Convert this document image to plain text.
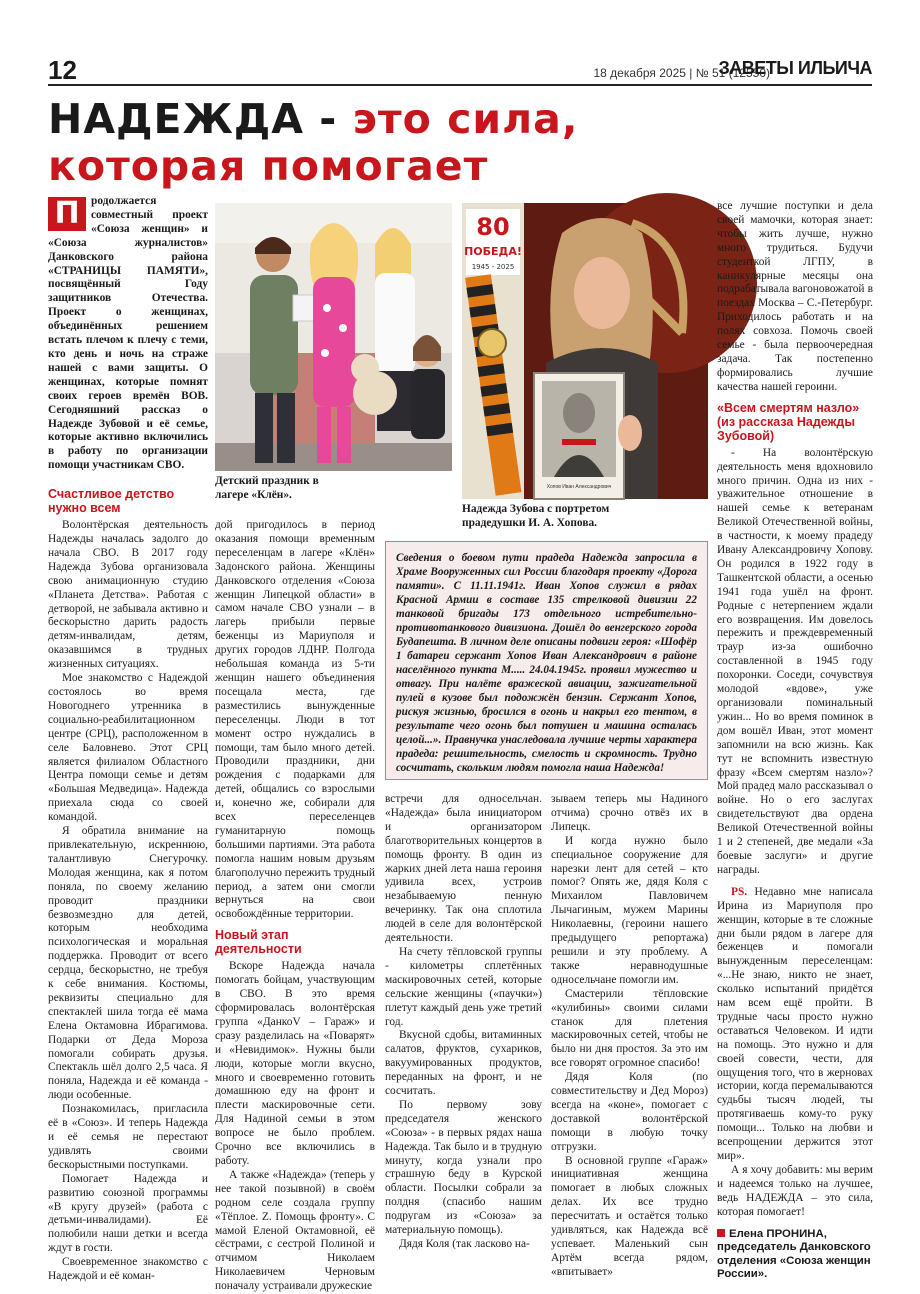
12	18 декабря 2025 | № 51 (12550)
ЗАВЕТЫ ИЛЬИЧА
НАДЕЖДА - это сила,
которая помогает
П	родолжается совместный проект «Союза женщин» и «Союза журналистов» Данковского района «СТРАНИЦЫ ПАМЯТИ», посвящённый Году защитников Отечества. Проект о женщинах, объединённых решением встать плечом к плечу с теми, кто день и ночь на страже нашей с вами защиты. О женщинах, которые помнят своих героев времён ВОВ. Сегодняшний рассказ о Надежде Зубовой и её семье, которые активно включились в работу по организации помощи участникам СВО.
Счастливое детство нужно всем

Волонтёрская деятельность Надежды началась задолго до начала СВО. В 2017 году Надежда Зубова организовала свою анимационную студию «Планета Детства». Работая с детворой, не забывала активно и бескорыстно дарить радость детям-инвалидам, детям, оказавшимся в трудных жизненных ситуациях.

Мое знакомство с Надеждой состоялось во время Новогоднего утренника в социально-реабилитационном центре (СРЦ), расположенном в селе Баловнево. Этот СРЦ является филиалом Областного Центра помощи семье и детям «Большая Медведица». Надежда приехала сюда со своей командой.

Я обратила внимание на привлекательную, искреннюю, талантливую Снегурочку. Молодая женщина, как я потом поняла, по своему желанию проводит праздники безвозмездно для детей, которым необходима психологическая и моральная поддержка. Проводит от всего сердца, бескорыстно, не требуя к себе внимания. Костюмы, реквизиты специально для спектаклей шила тогда её мама Елена Октамовна Ибрагимова. Подарки от Деда Мороза помогали собирать друзья. Спектакль шёл долго 2,5 часа. Я поняла, Надежда и её команда - люди особенные.

Познакомилась, пригласила её в «Союз». И теперь Надежда и её семья не перестают удивлять своими бескорыстными поступками.

Помогает Надежда и развитию союзной программы «В кругу друзей» (работа с детьми-инвалидами). Её полюбили наши детки и всегда ждут в гости.

Своевременное знакомство с Надеждой и её коман-

Детский праздник в лагере «Клён».
80
ПОБЕДА!
1945 - 2025
Хопов Иван Александрович
Надежда Зубова с портретом прадедушки И. А. Хопова.

дой пригодилось в период оказания помощи временным переселенцам в лагере «Клён» Задонского района. Женщины Данковского отделения «Союза женщин Липецкой области» в самом начале СВО узнали – в лагерь прибыли первые беженцы из Мариуполя и других городов ЛДНР. Полгода небольшая команда из 5-ти женщин нашего объединения посещала места, где разместились вынужденные переселенцы. Люди в тот момент остро нуждались в помощи, там было много детей. Проводили праздники, дни рождения с подарками для детей, общались со взрослыми и, конечно же, собирали для всех переселенцев гуманитарную помощь большими партиями. Эта работа помогла нашим новым друзьям благополучно пережить трудный период, а затем они смогли вернуться на свои освобождённые территории.

Новый этап деятельности

Вскоре Надежда начала помогать бойцам, участвующим в СВО. В это время сформировалась волонтёрская группа «ДанкоV – Гараж» и сразу разделилась на «Поварят» и «Невидимок». Нужны были люди, которые могли вкусно, много и своевременно готовить домашнюю еду на фронт и плести маскировочные сети. Для Надиной семьи в этом вопросе не было проблем. Срочно все включились в работу.

А также «Надежда» (теперь у нее такой позывной) в своём родном селе создала группу «Тёплое. Z. Помощь фронту». С мамой Еленой Октамовной, её сёстрами, с сестрой Полиной и отчимом Николаем Николаевичем Черновым поначалу устраивали дружеские

Сведения о боевом пути прадеда Надежда запросила в Храме Вооруженных сил России благодаря проекту «Дорога памяти». С 11.11.1941г. Иван Хопов служил в рядах Красной Армии в составе 135 стрелковой дивизии 22 танковой бригады 173 отдельного истребительно-противотанкового дивизиона. Дошёл до венгерского города Будапешта. В личном деле описаны подвиги героя: «Шофёр 1 батареи сержант Хопов Иван Александрович в районе населённого пункта М..... 24.04.1945г. проявил мужество и отвагу. При налёте вражеской авиации, зажигательной пулей в кузове был подожжён бензин. Сержант Хопов, рискуя жизнью, бросился в огонь и накрыл его тентом, в результате чего огонь был потушен и машина осталась целой...». Правнучка унаследовала лучшие черты характера прадеда: решительность, смелость и скромность. Трудно сосчитать, скольким людям помогла наша Надежда!

встречи для односельчан. «Надежда» была инициатором и организатором благотворительных концертов в помощь фронту. В один из жарких дней лета наша героиня удивила всех, устроив незабываемую пенную вечеринку. Так она сплотила людей в селе для волонтёрской деятельности.

На счету тёпловской группы - километры сплетённых маскировочных сетей, которые сельские женщины («паучки») плетут каждый день уже третий год.

Вкусной сдобы, витаминных салатов, фруктов, сухариков, вакуумированных продуктов, переданных на фронт, и не сосчитать.

По первому зову председателя женского «Союза» - в первых рядах наша Надежда. Так было и в трудную минуту, когда узнали про страшную беду в Курской области. Посылки собрали за полдня (спасибо нашим подругам из «Союза» за материальную помощь).

Дядя Коля (так ласково на-

зываем теперь мы Надиного отчима) срочно отвёз их в Липецк.

И когда нужно было специальное сооружение для нарезки лент для сетей – кто помог? Опять же, дядя Коля с Михаилом Павловичем Лычагиным, мужем Марины Николаевны, (героини нашего предыдущего репортажа) решили и эту проблему. А также неравнодушные односельчане помогли им.

Смастерили тёпловские «кулибины» своими силами станок для плетения маскировочных сетей, чтобы не было ни дня простоя. За это им все говорят огромное спасибо!

Дядя Коля (по совместительству и Дед Мороз) всегда на «коне», помогает с доставкой волонтёрской помощи в любую точку отгрузки.

В основной группе «Гараж» инициативная женщина помогает в любых сложных делах. Их все трудно пересчитать и остаётся только удивляться, как Надежда всё успевает. Маленький сын Артём всегда рядом, «впитывает»

все лучшие поступки и дела своей мамочки, которая знает: чтобы жить лучше, нужно много трудиться. Будучи студенткой ЛГПУ, в каникулярные месяцы она подрабатывала вагоновожатой в поездах Москва – С.-Петербург. Приходилось работать и на полях совхоза. Помочь своей семье - была первоочередная задача. Так постепенно формировались лучшие качества нашей героини.

«Всем смертям назло» (из рассказа Надежды Зубовой)

- На волонтёрскую деятельность меня вдохновило много причин. Одна из них - уважительное отношение в нашей семье к ветеранам Великой Отечественной войны, в частности, к моему прадеду Ивану Александровичу Хопову. Он родился в 1922 году в Ташкентской области, а осенью 1941 года ушёл на фронт. Родные с нетерпением ждали его возвращения. Им довелось пережить и преждевременный траур из-за ошибочно составленной в 1945 году похоронки. Соседи, сочувствуя молодой «вдове», уже организовали поминальный ужин... Но во время поминок в дом вошёл Иван, этот момент запомнили на всю жизнь. Как тут не вспомнить известную фразу «Всем смертям назло»? Мой прадед мало рассказывал о войне. Но о его заслугах свидетельствуют два ордена Великой Отечественной войны 1 и 2 степеней, две медали «За боевые заслуги» и другие награды.

PS. Недавно мне написала Ирина из Мариуполя про женщин, которые в те сложные дни были рядом в лагере для беженцев и помогали вынужденным переселенцам: «...Не знаю, никто не знает, сколько испытаний придётся нам всем ещё пройти. В трудные часы просто нужно оставаться Человеком. И идти на помощь. Это нужно и для своей совести, чести, для ощущения того, что в жерновах истории, когда перемалываются судьбы тысяч людей, ты протягиваешь кому-то руку помощи... Только на любви и всепрощении держится этот мир».

А я хочу добавить: мы верим и надеемся только на лучшее, ведь НАДЕЖДА – это сила, которая помогает!

Елена ПРОНИНА, председатель Данковского отделения «Союза женщин России».
